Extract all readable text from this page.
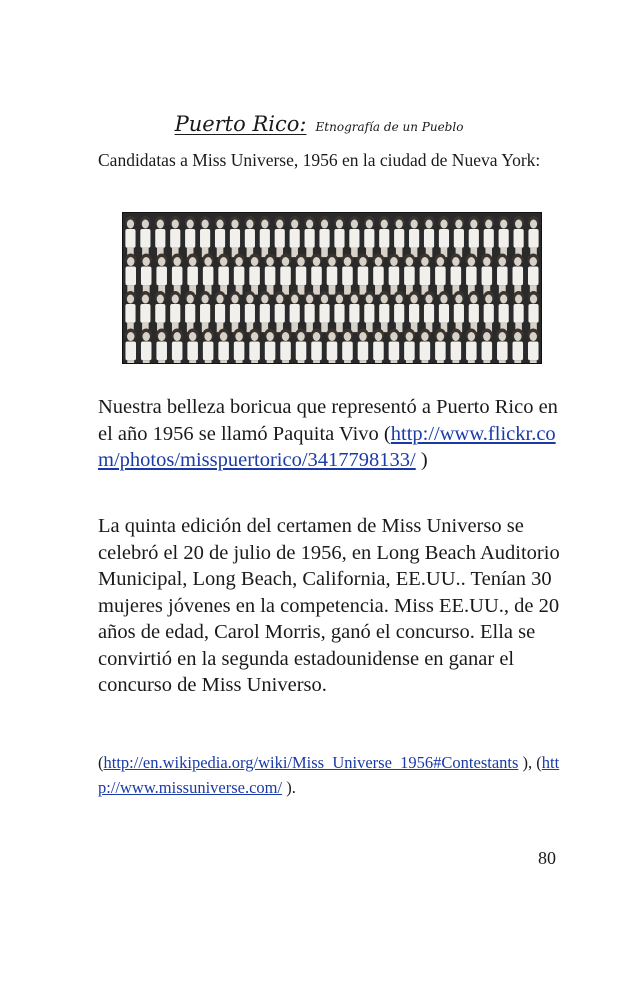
Puerto Rico: Etnografía de un Pueblo

Candidatas a Miss Universe, 1956 en la ciudad de Nueva York:

Nuestra belleza boricua que representó a Puerto Rico en el año 1956 se llamó Paquita Vivo (http://www.flickr.com/photos/misspuertorico/3417798133/ )

La quinta edición del certamen de Miss Universo se celebró el 20 de julio de 1956, en Long Beach Auditorio Municipal, Long Beach, California, EE.UU.. Tenían 30 mujeres jóvenes en la competencia. Miss EE.UU., de 20 años de edad, Carol Morris, ganó el concurso. Ella se convirtió en la segunda estadounidense en ganar el concurso de Miss Universo.

(http://en.wikipedia.org/wiki/Miss_Universe_1956#Contestants ), (http://www.missuniverse.com/ ).

80
